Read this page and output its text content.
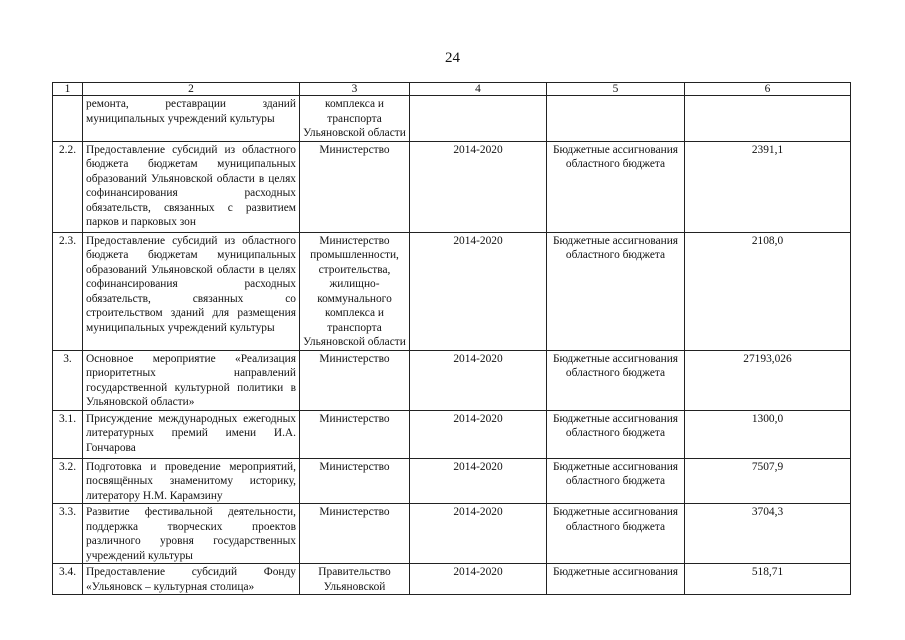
24
1	2	3	4	5	6
	ремонта, реставрации зданий муниципальных учреждений культуры	комплекса и транспорта Ульяновской области			
2.2.	Предоставление субсидий из областного бюджета бюджетам муниципальных образований Ульяновской области в целях софинансирования расходных обязательств, связанных с развитием парков и парковых зон	Министерство	2014-2020	Бюджетные ассигнования областного бюджета	2391,1
2.3.	Предоставление субсидий из областного бюджета бюджетам муниципальных образований Ульяновской области в целях софинансирования расходных обязательств, связанных со строительством зданий для размещения муниципальных учреждений культуры	Министерство промышленности, строительства, жилищно-коммунального комплекса и транспорта Ульяновской области	2014-2020	Бюджетные ассигнования областного бюджета	2108,0
3.	Основное мероприятие «Реализация приоритетных направлений государственной культурной политики в Ульяновской области»	Министерство	2014-2020	Бюджетные ассигнования областного бюджета	27193,026
3.1.	Присуждение международных ежегодных литературных премий имени И.А. Гончарова	Министерство	2014-2020	Бюджетные ассигнования областного бюджета	1300,0
3.2.	Подготовка и проведение мероприятий, посвящённых знаменитому историку, литератору Н.М. Карамзину	Министерство	2014-2020	Бюджетные ассигнования областного бюджета	7507,9
3.3.	Развитие фестивальной деятельности, поддержка творческих проектов различного уровня государственных учреждений культуры	Министерство	2014-2020	Бюджетные ассигнования областного бюджета	3704,3
3.4.	Предоставление субсидий Фонду «Ульяновск – культурная столица»	Правительство Ульяновской	2014-2020	Бюджетные ассигнования	518,71
